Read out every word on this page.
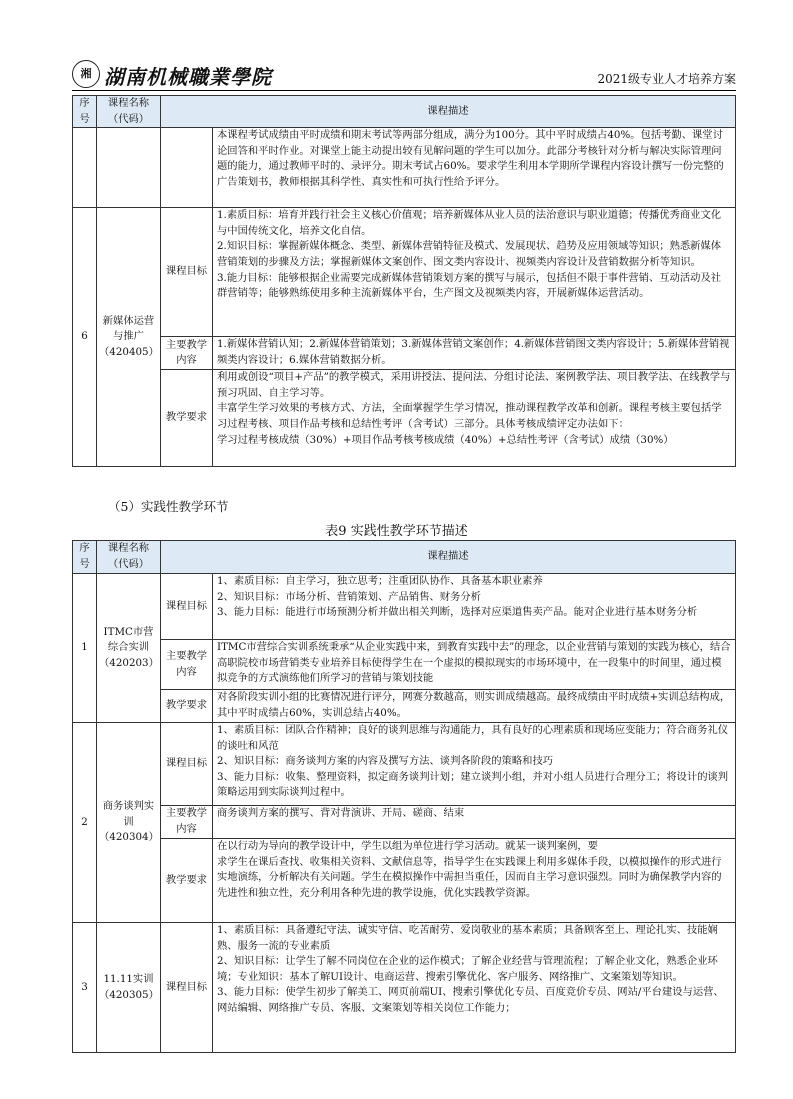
湘 湖南机械職業學院	2021级专业人才培养方案
序号	课程名称（代码）	课程描述	

			本课程考试成绩由平时成绩和期末考试等两部分组成，满分为100分。其中平时成绩占40%。包括考勤、课堂讨论回答和平时作业。对课堂上能主动提出较有见解问题的学生可以加分。此部分考核针对分析与解决实际管理问题的能力，通过教师平时的、录评分。期末考试占60%。要求学生利用本学期所学课程内容设计撰写一份完整的广告策划书，教师根据其科学性、真实性和可执行性给予评分。

6	新媒体运营与推广（420405）	课程目标	1.素质目标：培育并践行社会主义核心价值观；培养新媒体从业人员的法治意识与职业道德；传播优秀商业文化与中国传统文化，培养文化自信。
2.知识目标：掌握新媒体概念、类型、新媒体营销特征及模式、发展现状、趋势及应用领域等知识；熟悉新媒体营销策划的步骤及方法；掌握新媒体文案创作、图文类内容设计、视频类内容设计及营销数据分析等知识。
3.能力目标：能够根据企业需要完成新媒体营销策划方案的撰写与展示，包括但不限于事件营销、互动活动及社群营销等；能够熟练使用多种主流新媒体平台，生产图文及视频类内容，开展新媒体运营活动。

		主要教学内容	1.新媒体营销认知；2.新媒体营销策划；3.新媒体营销文案创作；4.新媒体营销图文类内容设计；5.新媒体营销视频类内容设计；6.媒体营销数据分析。

		教学要求	利用或创设“项目+产品”的教学模式，采用讲授法、提问法、分组讨论法、案例教学法、项目教学法、在线教学与预习巩固、自主学习等。
丰富学生学习效果的考核方式、方法，全面掌握学生学习情况，推动课程教学改革和创新。课程考核主要包括学习过程考核、项目作品考核和总结性考评（含考试）三部分。具体考核成绩评定办法如下：
学习过程考核成绩（30%）+项目作品考核考核成绩（40%）+总结性考评（含考试）成绩（30%）
（5）实践性教学环节
表9 实践性教学环节描述
序号	课程名称（代码）	课程描述	
1	ITMC市营综合实训（420203）	课程目标	1、素质目标：自主学习，独立思考；注重团队协作、具备基本职业素养
2、知识目标：市场分析、营销策划、产品销售、财务分析
3、能力目标：能进行市场预测分析并做出相关判断，选择对应渠道售卖产品。能对企业进行基本财务分析

		主要教学内容	ITMC市营综合实训系统秉承“从企业实践中来，到教育实践中去”的理念，以企业营销与策划的实践为核心，结合高职院校市场营销类专业培养目标使得学生在一个虚拟的模拟现实的市场环境中，在一段集中的时间里，通过模拟竞争的方式演练他们所学习的营销与策划技能

		教学要求	对各阶段实训小组的比赛情况进行评分，网赛分数越高，则实训成绩越高。最终成绩由平时成绩+实训总结构成，其中平时成绩占60%，实训总结占40%。

2	商务谈判实训（420304）	课程目标	1、素质目标：团队合作精神；良好的谈判思维与沟通能力，具有良好的心理素质和现场应变能力；符合商务礼仪的谈吐和风范
2、知识目标：商务谈判方案的内容及撰写方法、谈判各阶段的策略和技巧
3、能力目标：收集、整理资料，拟定商务谈判计划；建立谈判小组，并对小组人员进行合理分工；将设计的谈判策略运用到实际谈判过程中。

		主要教学内容	商务谈判方案的撰写、背对背演讲、开局、磋商、结束

		教学要求	在以行动为导向的教学设计中，学生以组为单位进行学习活动。就某一谈判案例，要
求学生在课后查找、收集相关资料、文献信息等，指导学生在实践课上利用多媒体手段，以模拟操作的形式进行实地演练，分析解决有关问题。学生在模拟操作中需担当重任，因而自主学习意识强烈。同时为确保教学内容的先进性和独立性，充分利用各种先进的教学设施，优化实践教学资源。

3	11.11实训（420305）	课程目标	1、素质目标：具备遵纪守法、诚实守信、吃苦耐劳、爱岗敬业的基本素质；具备顾客至上、理论扎实、技能娴熟、服务一流的专业素质
2、知识目标：让学生了解不同岗位在企业的运作模式；了解企业经营与管理流程；了解企业文化，熟悉企业环境；专业知识：基本了解UI设计、电商运营、搜索引擎优化、客户服务、网络推广、文案策划等知识。
3、能力目标：使学生初步了解美工、网页前端UI、搜索引擎优化专员、百度竞价专员、网站/平台建设与运营、网站编辑、网络推广专员、客服、文案策划等相关岗位工作能力；
